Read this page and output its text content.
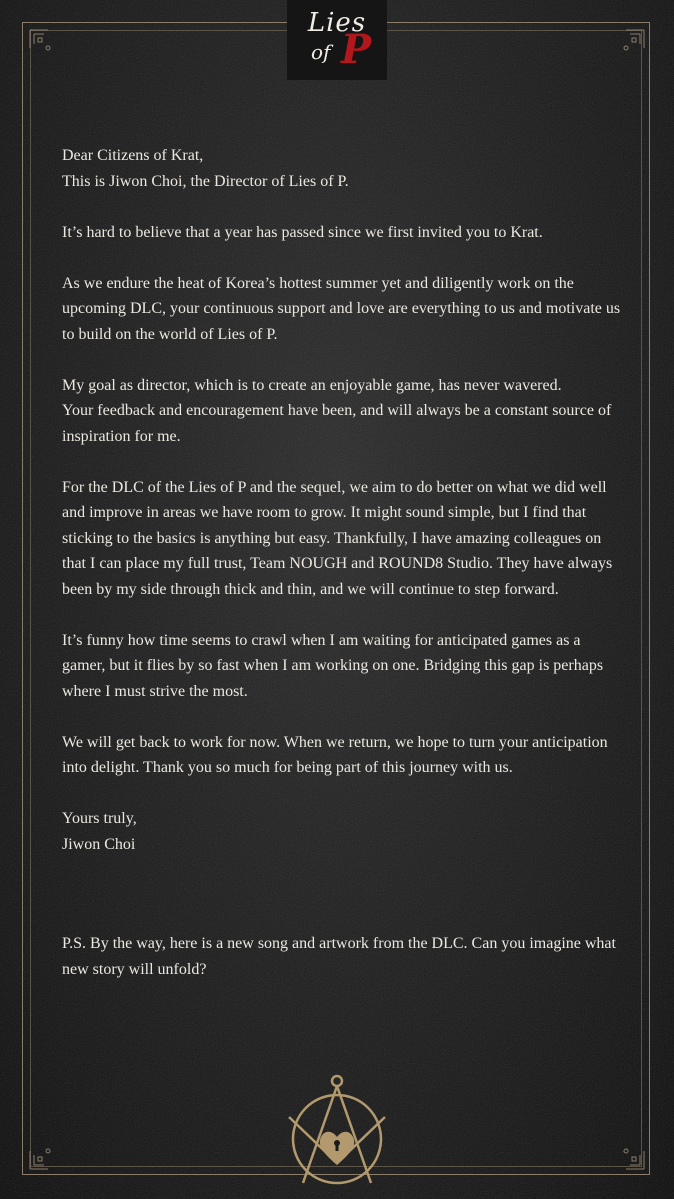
Lies
of P

Dear Citizens of Krat,
This is Jiwon Choi, the Director of Lies of P.

It’s hard to believe that a year has passed since we first invited you to Krat.

As we endure the heat of Korea’s hottest summer yet and diligently work on the upcoming DLC, your continuous support and love are everything to us and motivate us to build on the world of Lies of P.

My goal as director, which is to create an enjoyable game, has never wavered.
Your feedback and encouragement have been, and will always be a constant source of inspiration for me.

For the DLC of the Lies of P and the sequel, we aim to do better on what we did well and improve in areas we have room to grow. It might sound simple, but I find that sticking to the basics is anything but easy. Thankfully, I have amazing colleagues on that I can place my full trust, Team NOUGH and ROUND8 Studio. They have always been by my side through thick and thin, and we will continue to step forward.

It’s funny how time seems to crawl when I am waiting for anticipated games as a gamer, but it flies by so fast when I am working on one. Bridging this gap is perhaps where I must strive the most.

We will get back to work for now. When we return, we hope to turn your anticipation into delight. Thank you so much for being part of this journey with us.

Yours truly,
Jiwon Choi

P.S. By the way, here is a new song and artwork from the DLC. Can you imagine what new story will unfold?
